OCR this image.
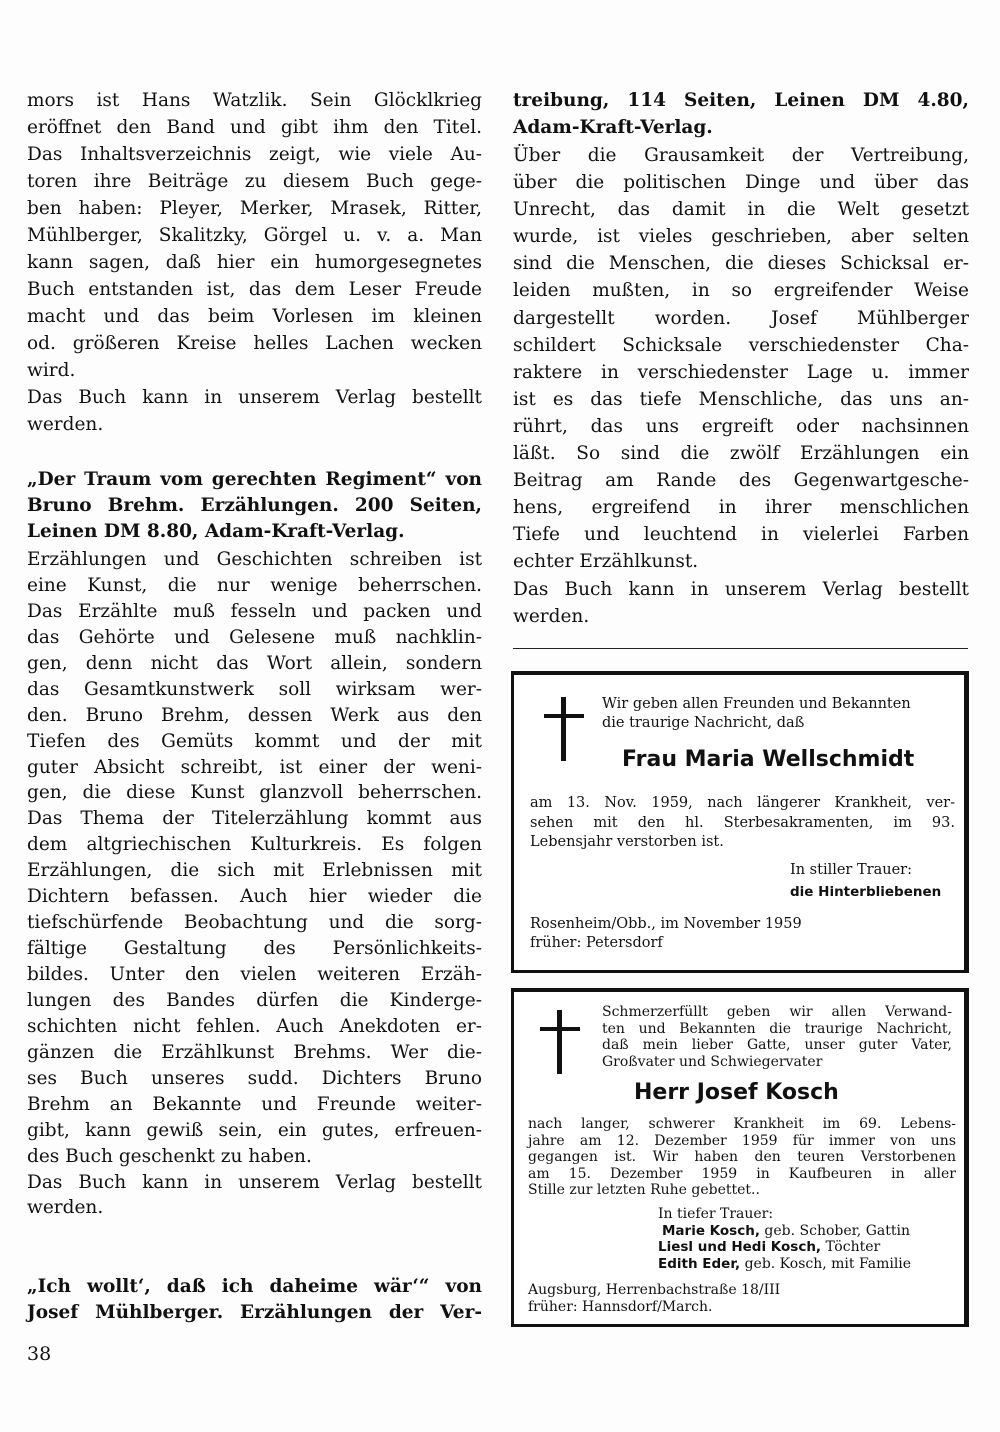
mors ist Hans Watzlik. Sein Glöcklkrieg
eröffnet den Band und gibt ihm den Titel.
Das Inhaltsverzeichnis zeigt, wie viele Au-
toren ihre Beiträge zu diesem Buch gege-
ben haben: Pleyer, Merker, Mrasek, Ritter,
Mühlberger, Skalitzky, Görgel u. v. a. Man
kann sagen, daß hier ein humorgesegnetes
Buch entstanden ist, das dem Leser Freude
macht und das beim Vorlesen im kleinen
od. größeren Kreise helles Lachen wecken
wird.
Das Buch kann in unserem Verlag bestellt
werden.
„Der Traum vom gerechten Regiment“ von
Bruno Brehm. Erzählungen. 200 Seiten,
Leinen DM 8.80, Adam-Kraft-Verlag.
Erzählungen und Geschichten schreiben ist
eine Kunst, die nur wenige beherrschen.
Das Erzählte muß fesseln und packen und
das Gehörte und Gelesene muß nachklin-
gen, denn nicht das Wort allein, sondern
das Gesamtkunstwerk soll wirksam wer-
den. Bruno Brehm, dessen Werk aus den
Tiefen des Gemüts kommt und der mit
guter Absicht schreibt, ist einer der weni-
gen, die diese Kunst glanzvoll beherrschen.
Das Thema der Titelerzählung kommt aus
dem altgriechischen Kulturkreis. Es folgen
Erzählungen, die sich mit Erlebnissen mit
Dichtern befassen. Auch hier wieder die
tiefschürfende Beobachtung und die sorg-
fältige Gestaltung des Persönlichkeits-
bildes. Unter den vielen weiteren Erzäh-
lungen des Bandes dürfen die Kinderge-
schichten nicht fehlen. Auch Anekdoten er-
gänzen die Erzählkunst Brehms. Wer die-
ses Buch unseres sudd. Dichters Bruno
Brehm an Bekannte und Freunde weiter-
gibt, kann gewiß sein, ein gutes, erfreuen-
des Buch geschenkt zu haben.
Das Buch kann in unserem Verlag bestellt
werden.
„Ich wollt‘, daß ich daheime wär‘“ von
Josef Mühlberger. Erzählungen der Ver-
38
treibung, 114 Seiten, Leinen DM 4.80,
Adam-Kraft-Verlag.
Über die Grausamkeit der Vertreibung,
über die politischen Dinge und über das
Unrecht, das damit in die Welt gesetzt
wurde, ist vieles geschrieben, aber selten
sind die Menschen, die dieses Schicksal er-
leiden mußten, in so ergreifender Weise
dargestellt worden. Josef Mühlberger
schildert Schicksale verschiedenster Cha-
raktere in verschiedenster Lage u. immer
ist es das tiefe Menschliche, das uns an-
rührt, das uns ergreift oder nachsinnen
läßt. So sind die zwölf Erzählungen ein
Beitrag am Rande des Gegenwartgesche-
hens, ergreifend in ihrer menschlichen
Tiefe und leuchtend in vielerlei Farben
echter Erzählkunst.
Das Buch kann in unserem Verlag bestellt
werden.
Wir geben allen Freunden und Bekannten
die traurige Nachricht, daß
Frau Maria Wellschmidt
am 13. Nov. 1959, nach längerer Krankheit, ver-
sehen mit den hl. Sterbesakramenten, im 93.
Lebensjahr verstorben ist.
In stiller Trauer:
die Hinterbliebenen
Rosenheim/Obb., im November 1959
früher: Petersdorf
Schmerzerfüllt geben wir allen Verwand-
ten und Bekannten die traurige Nachricht,
daß mein lieber Gatte, unser guter Vater,
Großvater und Schwiegervater
Herr Josef Kosch
nach langer, schwerer Krankheit im 69. Lebens-
jahre am 12. Dezember 1959 für immer von uns
gegangen ist. Wir haben den teuren Verstorbenen
am 15. Dezember 1959 in Kaufbeuren in aller
Stille zur letzten Ruhe gebettet..
In tiefer Trauer:
Marie Kosch, geb. Schober, Gattin
Liesl und Hedi Kosch, Töchter
Edith Eder, geb. Kosch, mit Familie
Augsburg, Herrenbachstraße 18/III
früher: Hannsdorf/March.
